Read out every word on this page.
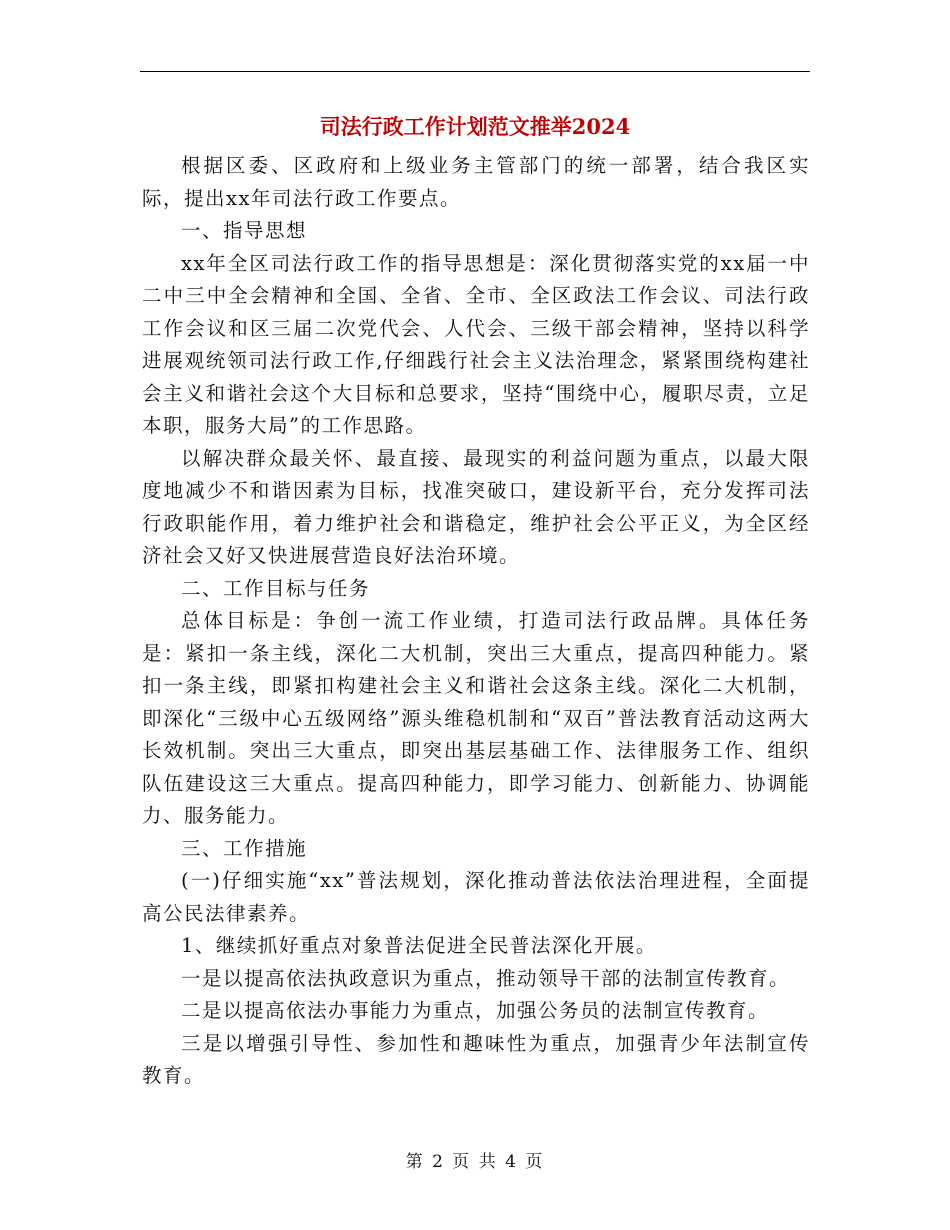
司法行政工作计划范文推举2024

根据区委、区政府和上级业务主管部门的统一部署，结合我区实际，提出xx年司法行政工作要点。

一、指导思想

xx年全区司法行政工作的指导思想是：深化贯彻落实党的xx届一中二中三中全会精神和全国、全省、全市、全区政法工作会议、司法行政工作会议和区三届二次党代会、人代会、三级干部会精神，坚持以科学进展观统领司法行政工作,仔细践行社会主义法治理念，紧紧围绕构建社会主义和谐社会这个大目标和总要求，坚持“围绕中心，履职尽责，立足本职，服务大局”的工作思路。

以解决群众最关怀、最直接、最现实的利益问题为重点，以最大限度地减少不和谐因素为目标，找准突破口，建设新平台，充分发挥司法行政职能作用，着力维护社会和谐稳定，维护社会公平正义，为全区经济社会又好又快进展营造良好法治环境。

二、工作目标与任务

总体目标是：争创一流工作业绩，打造司法行政品牌。具体任务是：紧扣一条主线，深化二大机制，突出三大重点，提高四种能力。紧扣一条主线，即紧扣构建社会主义和谐社会这条主线。深化二大机制，即深化“三级中心五级网络”源头维稳机制和“双百”普法教育活动这两大长效机制。突出三大重点，即突出基层基础工作、法律服务工作、组织队伍建设这三大重点。提高四种能力，即学习能力、创新能力、协调能力、服务能力。

三、工作措施

(一)仔细实施“xx”普法规划，深化推动普法依法治理进程，全面提高公民法律素养。

1、继续抓好重点对象普法促进全民普法深化开展。

一是以提高依法执政意识为重点，推动领导干部的法制宣传教育。

二是以提高依法办事能力为重点，加强公务员的法制宣传教育。

三是以增强引导性、参加性和趣味性为重点，加强青少年法制宣传教育。

第 2 页 共 4 页
